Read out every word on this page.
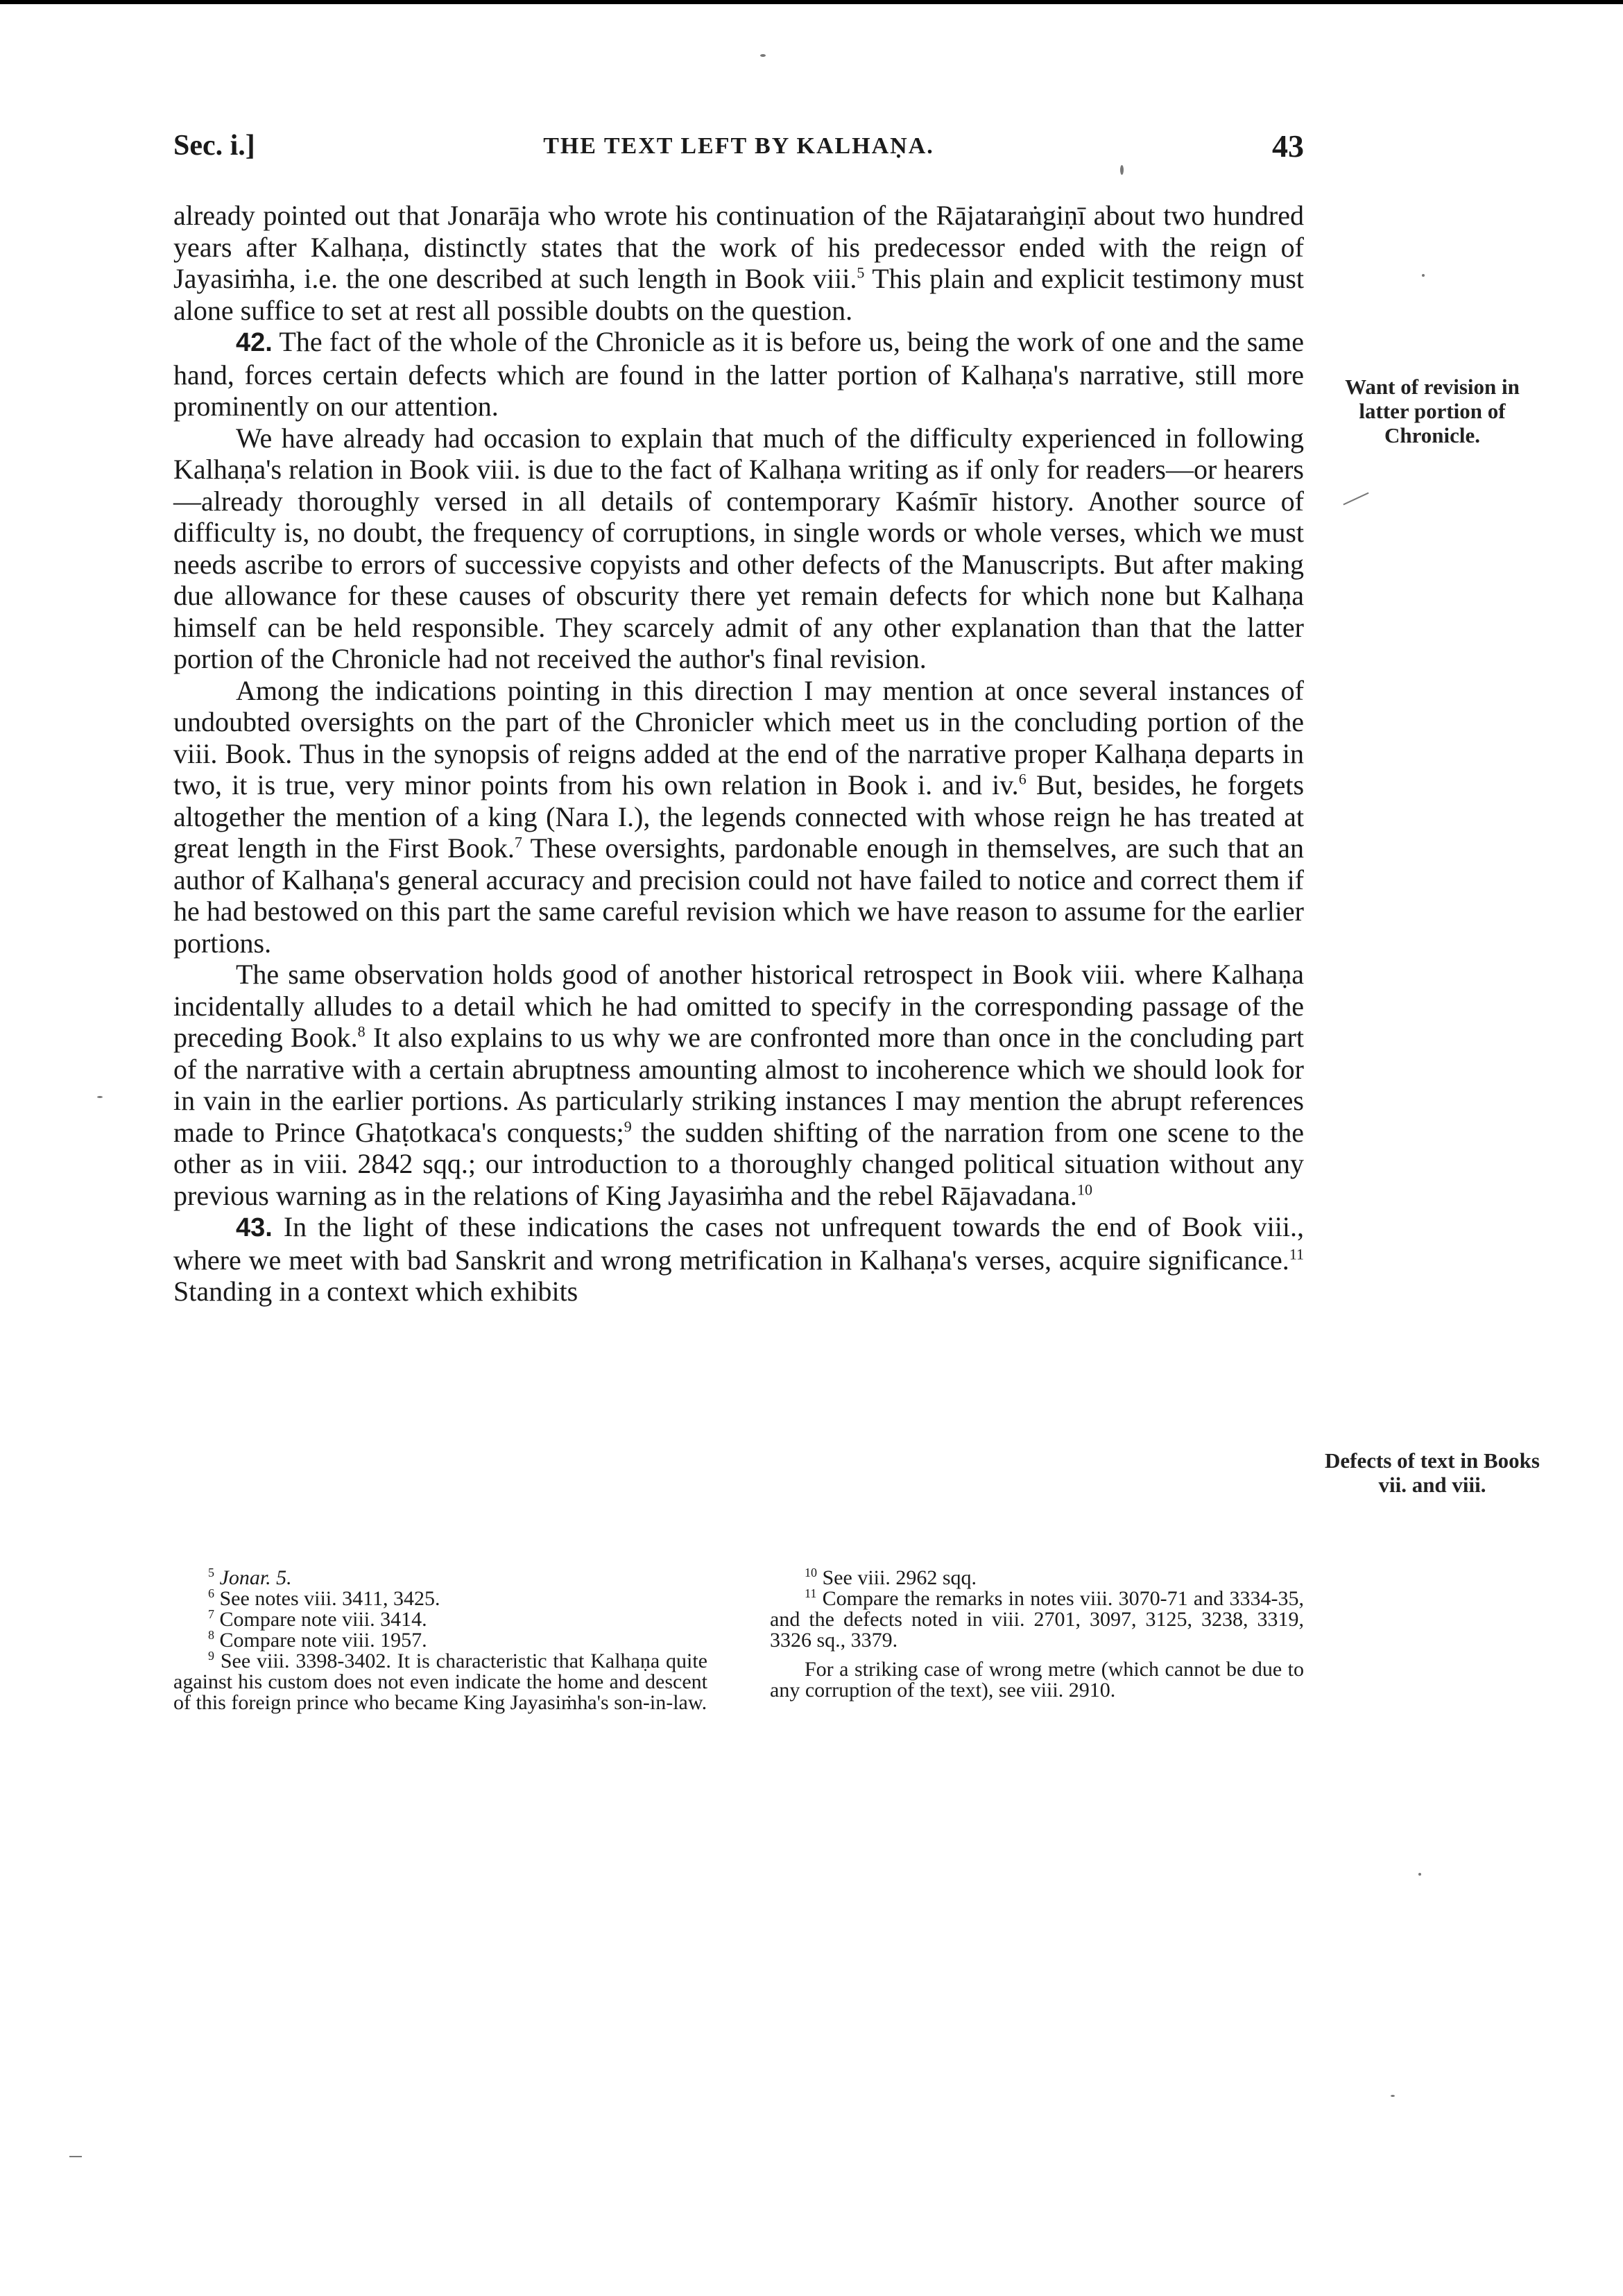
Sec. i.]	THE TEXT LEFT BY KALHAṆA.	43

already pointed out that Jonarāja who wrote his continuation of the Rājataraṅgiṇī about two hundred years after Kalhaṇa, distinctly states that the work of his predecessor ended with the reign of Jayasiṁha, i.e. the one described at such length in Book viii.$^5$ This plain and explicit testimony must alone suffice to set at rest all possible doubts on the question.

42. The fact of the whole of the Chronicle as it is before us, being the work of one and the same hand, forces certain defects which are found in the latter portion of Kalhaṇa's narrative, still more prominently on our attention.

We have already had occasion to explain that much of the difficulty experienced in following Kalhaṇa's relation in Book viii. is due to the fact of Kalhaṇa writing as if only for readers—or hearers—already thoroughly versed in all details of contemporary Kaśmīr history. Another source of difficulty is, no doubt, the frequency of corruptions, in single words or whole verses, which we must needs ascribe to errors of successive copyists and other defects of the Manuscripts. But after making due allowance for these causes of obscurity there yet remain defects for which none but Kalhaṇa himself can be held responsible. They scarcely admit of any other explanation than that the latter portion of the Chronicle had not received the author's final revision.

Among the indications pointing in this direction I may mention at once several instances of undoubted oversights on the part of the Chronicler which meet us in the concluding portion of the viii. Book. Thus in the synopsis of reigns added at the end of the narrative proper Kalhaṇa departs in two, it is true, very minor points from his own relation in Book i. and iv.$^6$ But, besides, he forgets altogether the mention of a king (Nara I.), the legends connected with whose reign he has treated at great length in the First Book.$^7$ These oversights, pardonable enough in themselves, are such that an author of Kalhaṇa's general accuracy and precision could not have failed to notice and correct them if he had bestowed on this part the same careful revision which we have reason to assume for the earlier portions.

The same observation holds good of another historical retrospect in Book viii. where Kalhaṇa incidentally alludes to a detail which he had omitted to specify in the corresponding passage of the preceding Book.$^8$ It also explains to us why we are confronted more than once in the concluding part of the narrative with a certain abruptness amounting almost to incoherence which we should look for in vain in the earlier portions. As particularly striking instances I may mention the abrupt references made to Prince Ghaṭotkaca's conquests;$^9$ the sudden shifting of the narration from one scene to the other as in viii. 2842 sqq.; our introduction to a thoroughly changed political situation without any previous warning as in the relations of King Jayasiṁha and the rebel Rājavadana.$^{10}$

43. In the light of these indications the cases not unfrequent towards the end of Book viii., where we meet with bad Sanskrit and wrong metrification in Kalhaṇa's verses, acquire significance.$^{11}$ Standing in a context which exhibits

Want of revision in latter portion of Chronicle.
Defects of text in Books vii. and viii.

$^5$ Jonar. 5.

$^6$ See notes viii. 3411, 3425.

$^7$ Compare note viii. 3414.

$^8$ Compare note viii. 1957.

$^9$ See viii. 3398-3402. It is characteristic that Kalhaṇa quite against his custom does not even indicate the home and descent of this foreign prince who became King Jayasiṁha's son-in-law.

$^{10}$ See viii. 2962 sqq.

$^{11}$ Compare the remarks in notes viii. 3070-71 and 3334-35, and the defects noted in viii. 2701, 3097, 3125, 3238, 3319, 3326 sq., 3379.

For a striking case of wrong metre (which cannot be due to any corruption of the text), see viii. 2910.
